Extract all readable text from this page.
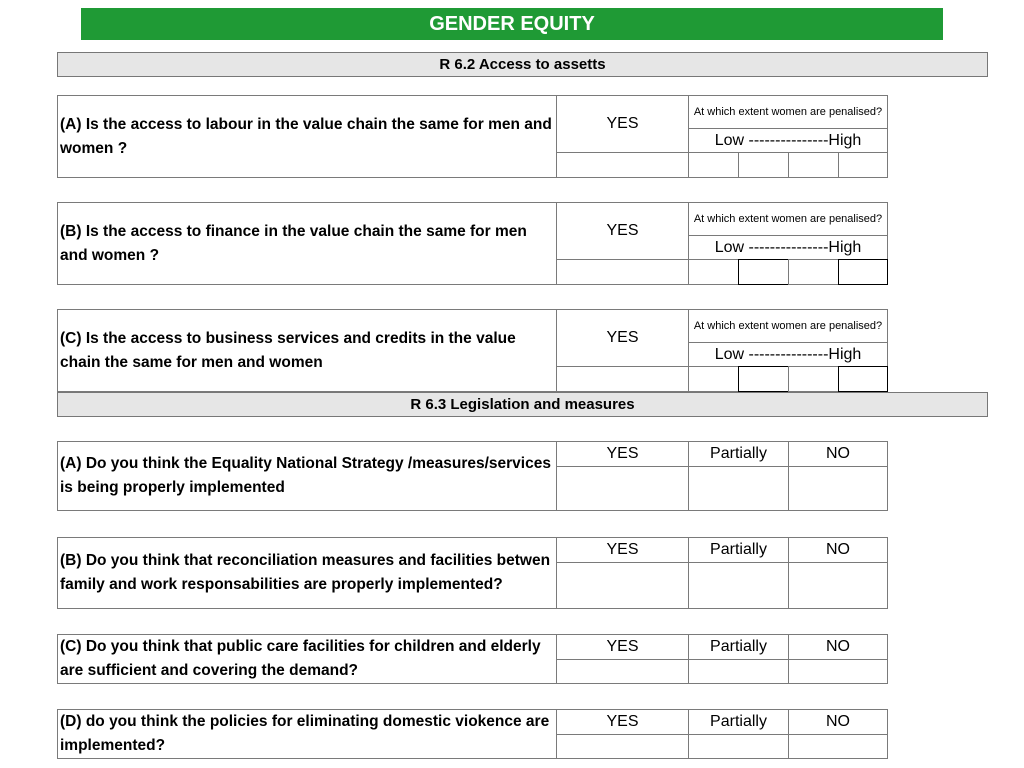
GENDER EQUITY
R 6.2 Access to assetts
(A) Is the access to labour in the value chain the same for men and women ?
YES
At which extent women are penalised?
Low ---------------High
(B) Is the access to finance in the value chain the same for men and women ?
YES
At which extent women are penalised?
Low ---------------High
(C) Is the access to business services and credits in the value chain the same for men and women
YES
At which extent women are penalised?
Low ---------------High
R 6.3 Legislation and measures
(A) Do you think the Equality National Strategy /measures/services is being properly implemented
YES	Partially	NO
(B) Do you think that reconciliation measures and facilities betwen family and work responsabilities are properly implemented?
YES	Partially	NO
(C) Do you think that public care facilities for children and elderly are sufficient and covering the demand?
YES	Partially	NO
(D) do you think the policies for eliminating domestic viokence are implemented?
YES	Partially	NO
